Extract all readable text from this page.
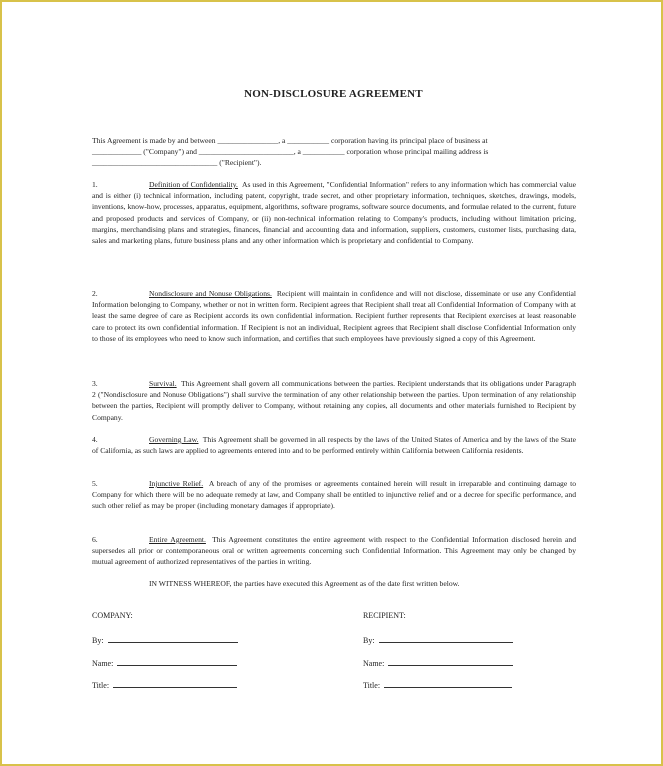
NON-DISCLOSURE AGREEMENT
This Agreement is made by and between ________________, a ___________ corporation having its principal place of business at
_____________ ("Company") and _________________________, a ___________ corporation whose principal mailing address is
_________________________________ ("Recipient").
1.	Definition of Confidentiality. As used in this Agreement, "Confidential Information" refers to any information which has commercial value and is either (i) technical information, including patent, copyright, trade secret, and other proprietary information, techniques, sketches, drawings, models, inventions, know-how, processes, apparatus, equipment, algorithms, software programs, software source documents, and formulae related to the current, future and proposed products and services of Company, or (ii) non-technical information relating to Company's products, including without limitation pricing, margins, merchandising plans and strategies, finances, financial and accounting data and information, suppliers, customers, customer lists, purchasing data, sales and marketing plans, future business plans and any other information which is proprietary and confidential to Company.
2.	Nondisclosure and Nonuse Obligations. Recipient will maintain in confidence and will not disclose, disseminate or use any Confidential Information belonging to Company, whether or not in written form. Recipient agrees that Recipient shall treat all Confidential Information of Company with at least the same degree of care as Recipient accords its own confidential information. Recipient further represents that Recipient exercises at least reasonable care to protect its own confidential information. If Recipient is not an individual, Recipient agrees that Recipient shall disclose Confidential Information only to those of its employees who need to know such information, and certifies that such employees have previously signed a copy of this Agreement.
3.	Survival. This Agreement shall govern all communications between the parties. Recipient understands that its obligations under Paragraph 2 ("Nondisclosure and Nonuse Obligations") shall survive the termination of any other relationship between the parties. Upon termination of any relationship between the parties, Recipient will promptly deliver to Company, without retaining any copies, all documents and other materials furnished to Recipient by Company.
4.	Governing Law. This Agreement shall be governed in all respects by the laws of the United States of America and by the laws of the State of California, as such laws are applied to agreements entered into and to be performed entirely within California between California residents.
5.	Injunctive Relief. A breach of any of the promises or agreements contained herein will result in irreparable and continuing damage to Company for which there will be no adequate remedy at law, and Company shall be entitled to injunctive relief and or a decree for specific performance, and such other relief as may be proper (including monetary damages if appropriate).
6.	Entire Agreement. This Agreement constitutes the entire agreement with respect to the Confidential Information disclosed herein and supersedes all prior or contemporaneous oral or written agreements concerning such Confidential Information. This Agreement may only be changed by mutual agreement of authorized representatives of the parties in writing.
IN WITNESS WHEREOF, the parties have executed this Agreement as of the date first written below.
COMPANY:
By:
Name:
Title:
RECIPIENT:
By:
Name:
Title:
